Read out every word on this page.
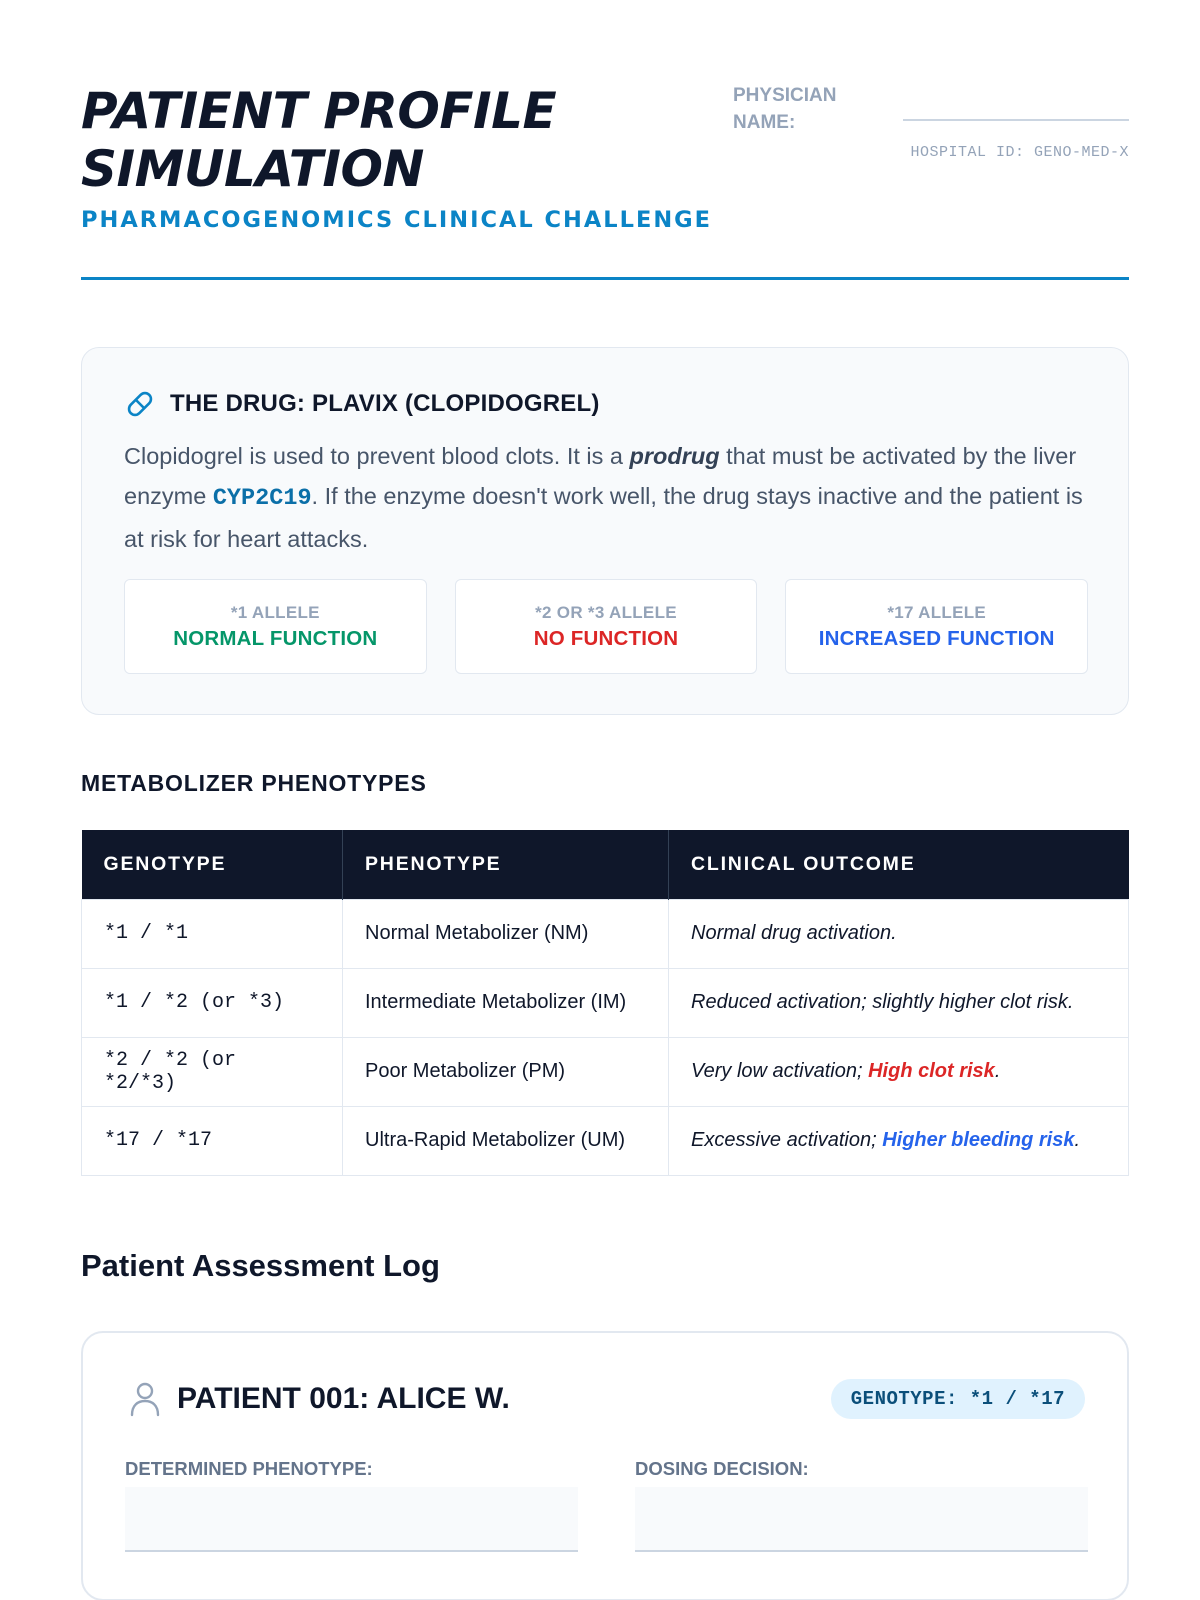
PATIENT PROFILE SIMULATION
PHARMACOGENOMICS CLINICAL CHALLENGE
PHYSICIAN NAME:
HOSPITAL ID: GENO-MED-X
THE DRUG: PLAVIX (CLOPIDOGREL)

Clopidogrel is used to prevent blood clots. It is a prodrug that must be activated by the liver enzyme CYP2C19. If the enzyme doesn't work well, the drug stays inactive and the patient is at risk for heart attacks.

*1 ALLELE
NORMAL FUNCTION
*2 OR *3 ALLELE
NO FUNCTION
*17 ALLELE
INCREASED FUNCTION
METABOLIZER PHENOTYPES
GENOTYPE	PHENOTYPE	CLINICAL OUTCOME
*1 / *1	Normal Metabolizer (NM)	Normal drug activation.
*1 / *2 (or *3)	Intermediate Metabolizer (IM)	Reduced activation; slightly higher clot risk.
*2 / *2 (or *2/*3)	Poor Metabolizer (PM)	Very low activation; High clot risk.
*17 / *17	Ultra-Rapid Metabolizer (UM)	Excessive activation; Higher bleeding risk.
Patient Assessment Log
PATIENT 001: ALICE W.	GENOTYPE: *1 / *17
DETERMINED PHENOTYPE:	DOSING DECISION:
